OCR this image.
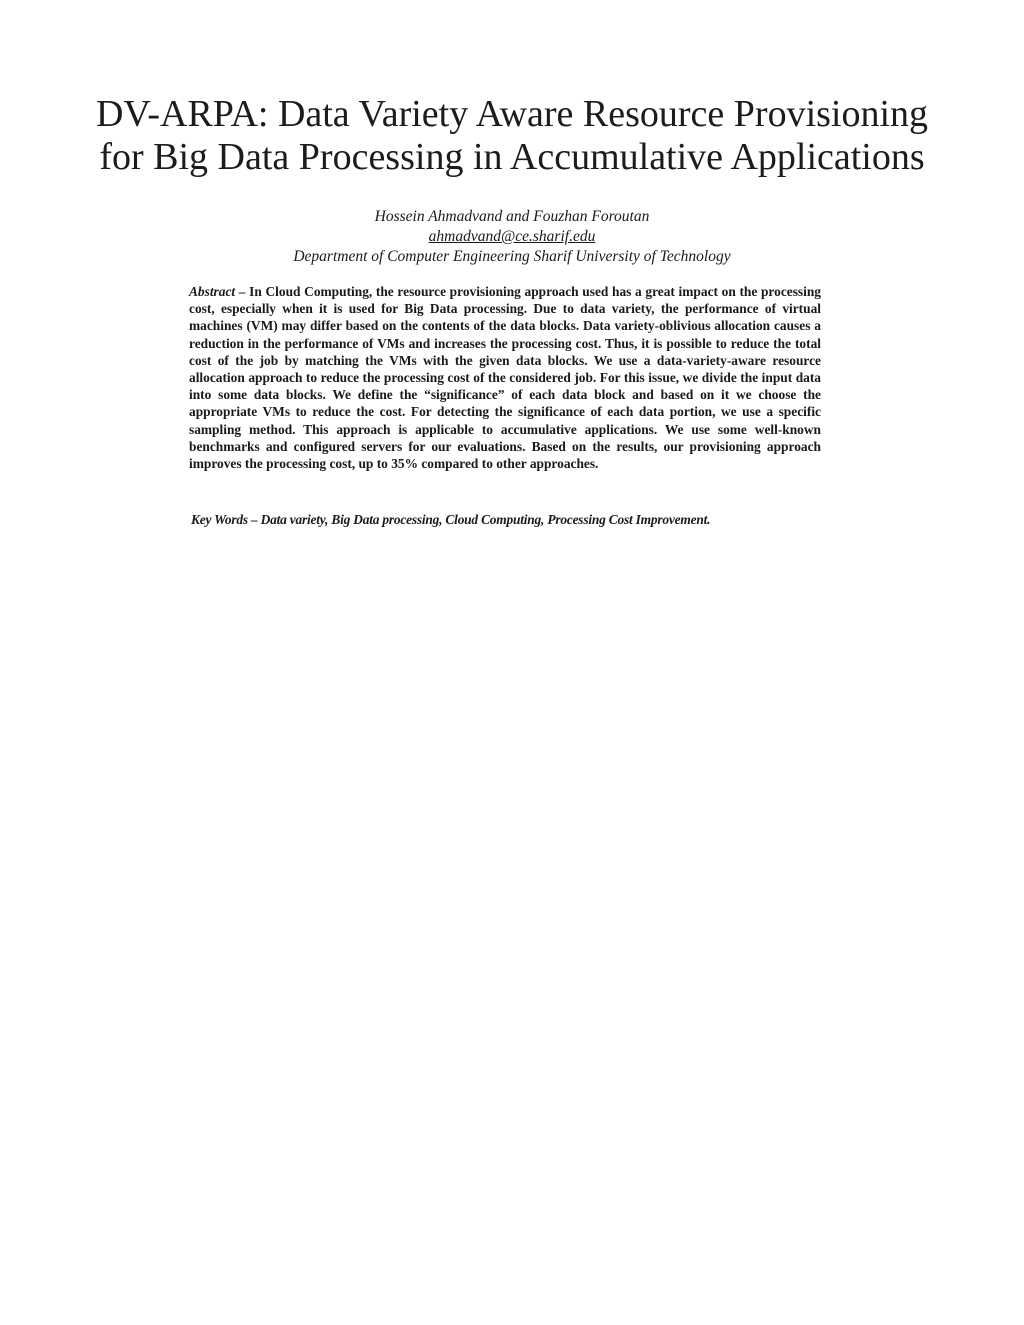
DV-ARPA: Data Variety Aware Resource Provisioning
for Big Data Processing in Accumulative Applications
Hossein Ahmadvand and Fouzhan Foroutan
ahmadvand@ce.sharif.edu
Department of Computer Engineering Sharif University of Technology

Abstract – In Cloud Computing, the resource provisioning approach used has a great impact on the processing cost, especially when it is used for Big Data processing. Due to data variety, the performance of virtual machines (VM) may differ based on the contents of the data blocks. Data variety-oblivious allocation causes a reduction in the performance of VMs and increases the processing cost. Thus, it is possible to reduce the total cost of the job by matching the VMs with the given data blocks. We use a data-variety-aware resource allocation approach to reduce the processing cost of the considered job. For this issue, we divide the input data into some data blocks. We define the “significance” of each data block and based on it we choose the appropriate VMs to reduce the cost. For detecting the significance of each data portion, we use a specific sampling method. This approach is applicable to accumulative applications. We use some well-known benchmarks and configured servers for our evaluations. Based on the results, our provisioning approach improves the processing cost, up to 35% compared to other approaches.

Key Words – Data variety, Big Data processing, Cloud Computing, Processing Cost Improvement.
